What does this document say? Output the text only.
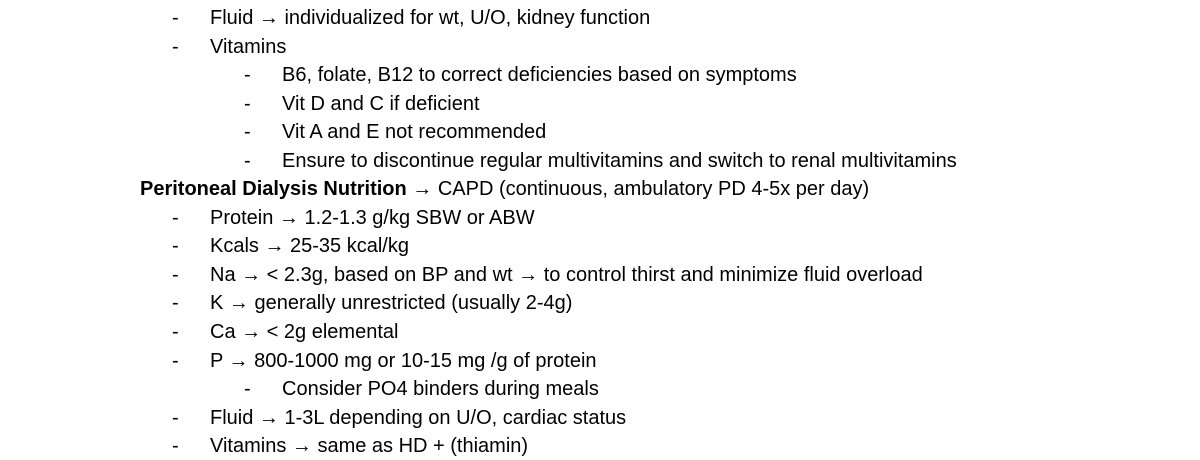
- Fluid → individualized for wt, U/O, kidney function
- Vitamins
- B6, folate, B12 to correct deficiencies based on symptoms
- Vit D and C if deficient
- Vit A and E not recommended
- Ensure to discontinue regular multivitamins and switch to renal multivitamins
Peritoneal Dialysis Nutrition → CAPD (continuous, ambulatory PD 4-5x per day)
- Protein → 1.2-1.3 g/kg SBW or ABW
- Kcals → 25-35 kcal/kg
- Na → < 2.3g, based on BP and wt → to control thirst and minimize fluid overload
- K → generally unrestricted (usually 2-4g)
- Ca → < 2g elemental
- P → 800-1000 mg or 10-15 mg /g of protein
- Consider PO4 binders during meals
- Fluid → 1-3L depending on U/O, cardiac status
- Vitamins → same as HD + (thiamin)
